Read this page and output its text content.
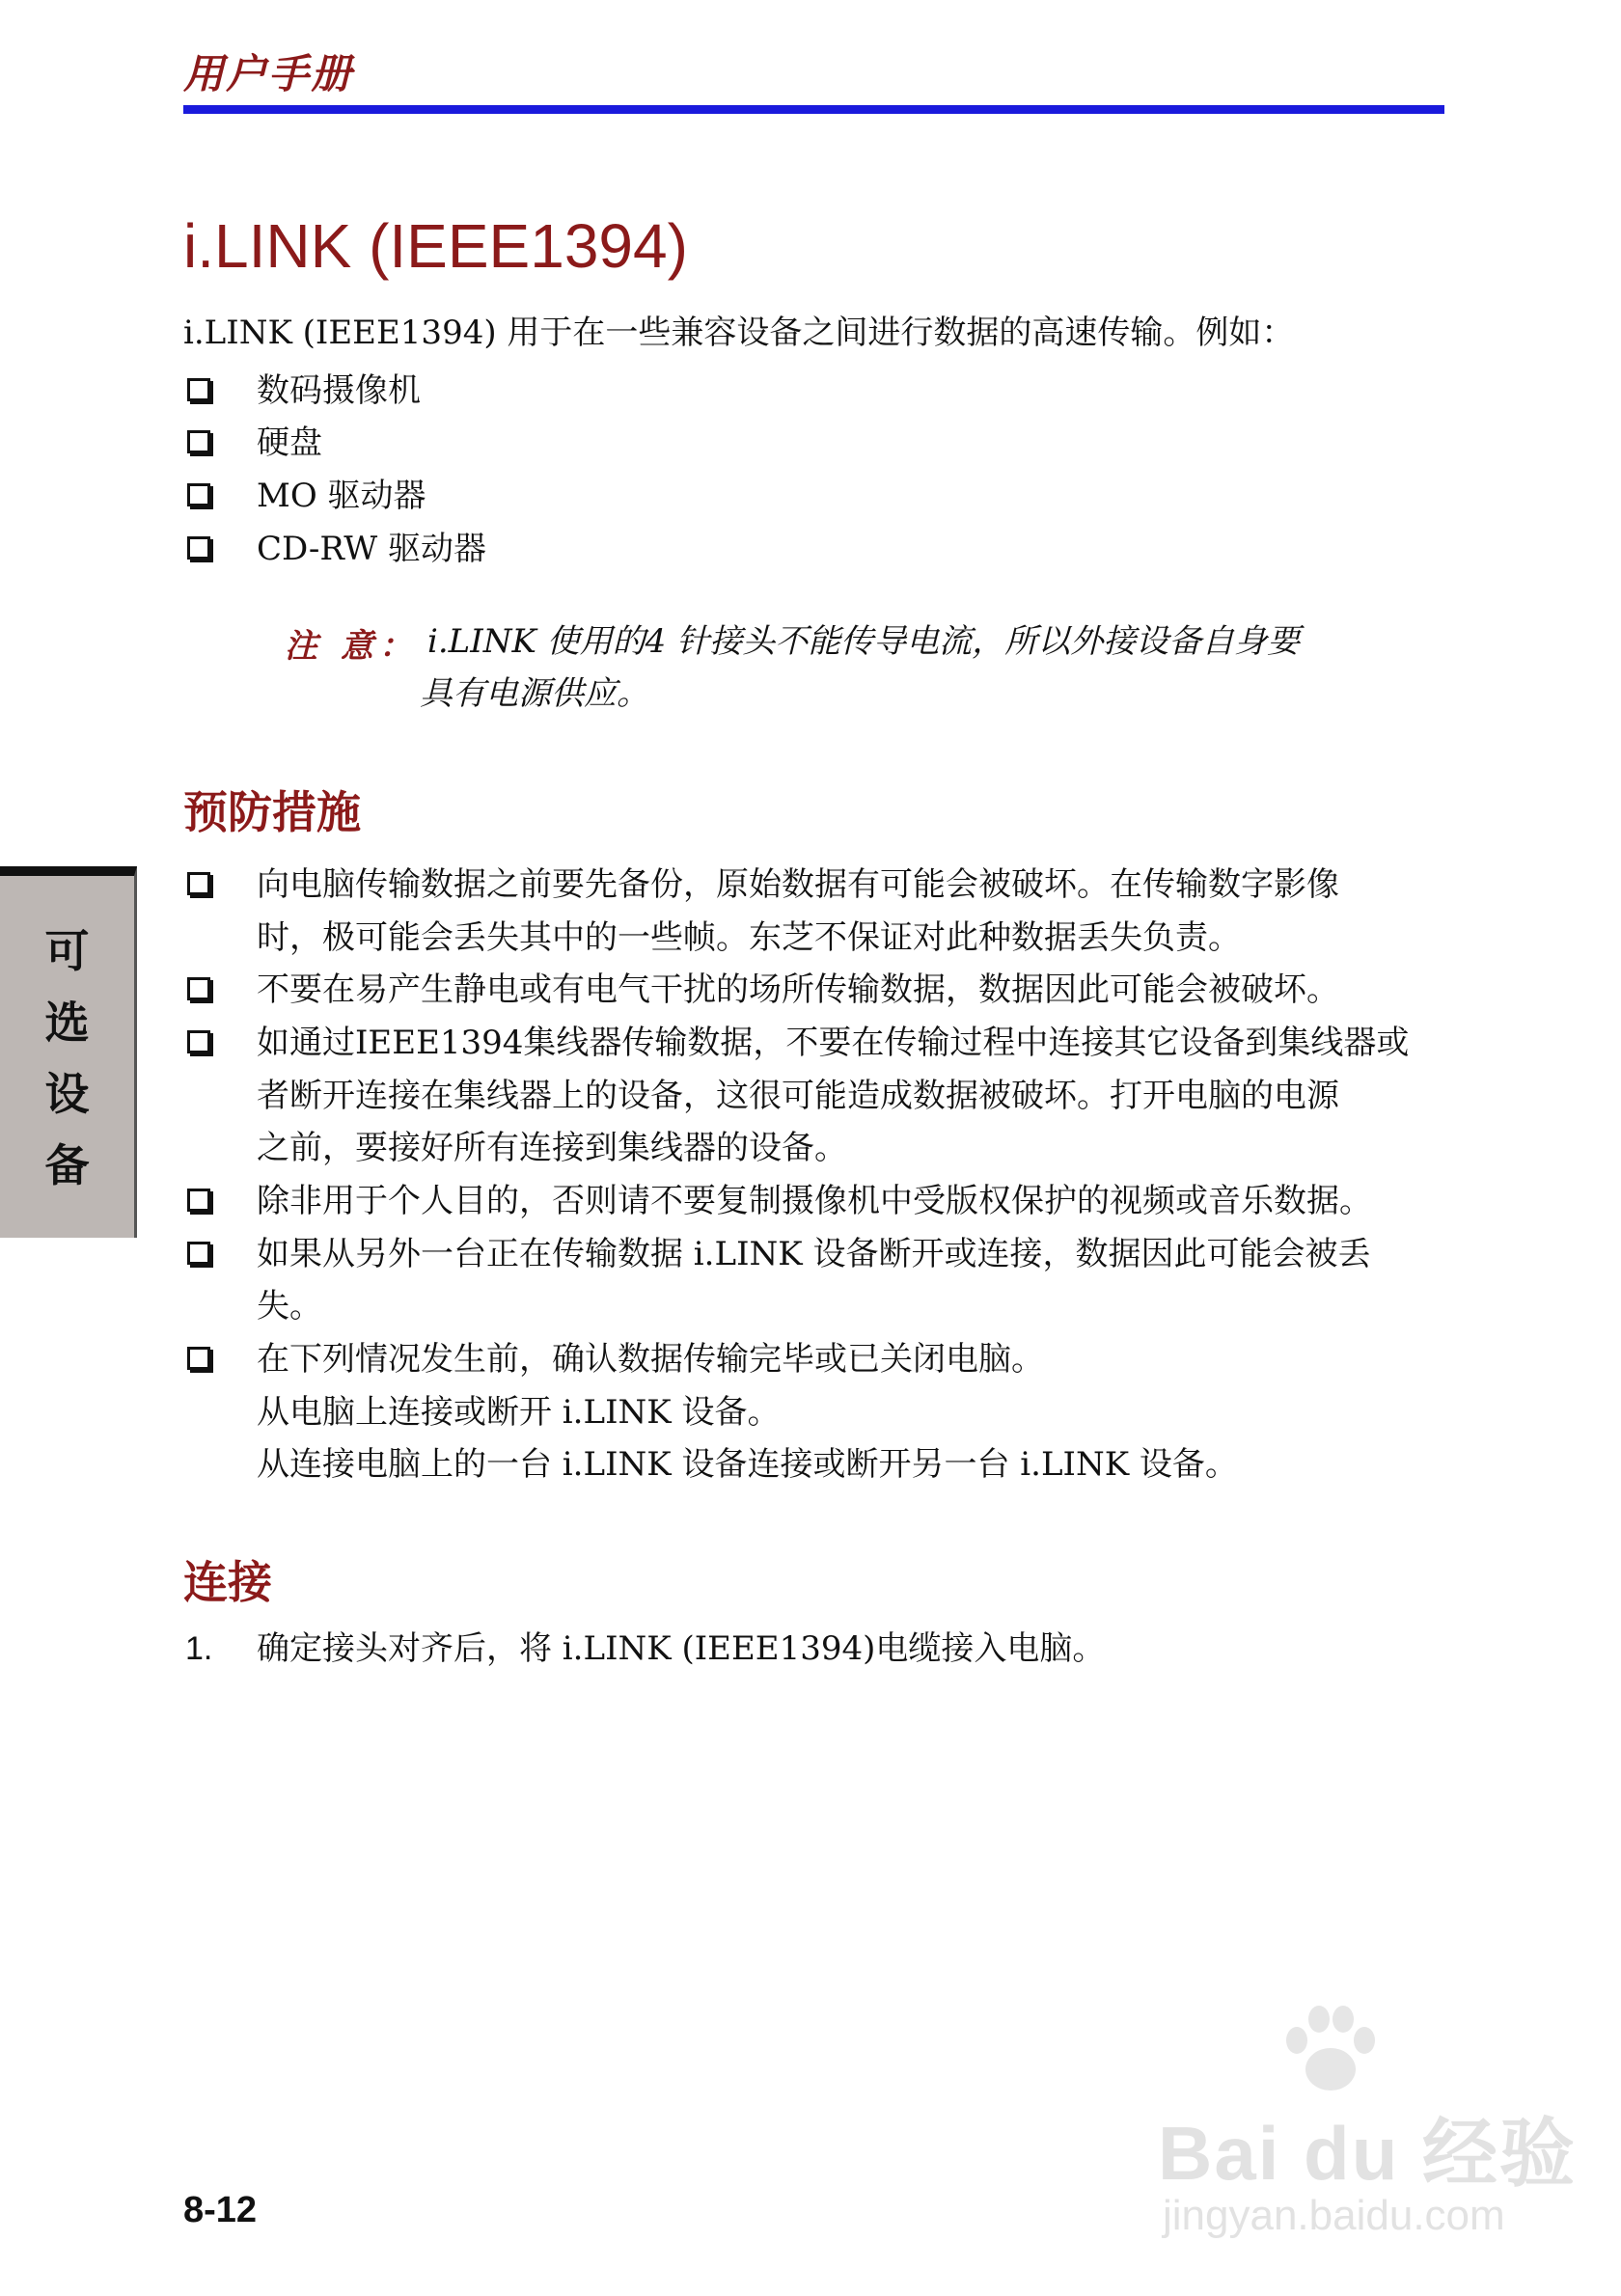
用户手册
i.LINK (IEEE1394)
i.LINK (IEEE1394) 用于在一些兼容设备之间进行数据的高速传输。例如：
数码摄像机
硬盘
MO 驱动器
CD-RW 驱动器
注 意： i.LINK 使用的4 针接头不能传导电流，所以外接设备自身要
具有电源供应。
预防措施
向电脑传输数据之前要先备份，原始数据有可能会被破坏。在传输数字影像
时，极可能会丢失其中的一些帧。东芝不保证对此种数据丢失负责。
不要在易产生静电或有电气干扰的场所传输数据，数据因此可能会被破坏。
如通过IEEE1394集线器传输数据，不要在传输过程中连接其它设备到集线器或
者断开连接在集线器上的设备，这很可能造成数据被破坏。打开电脑的电源
之前，要接好所有连接到集线器的设备。
除非用于个人目的，否则请不要复制摄像机中受版权保护的视频或音乐数据。
如果从另外一台正在传输数据 i.LINK 设备断开或连接，数据因此可能会被丢
失。
在下列情况发生前，确认数据传输完毕或已关闭电脑。
从电脑上连接或断开 i.LINK 设备。
从连接电脑上的一台 i.LINK 设备连接或断开另一台 i.LINK 设备。
连接
1. 确定接头对齐后，将 i.LINK (IEEE1394)电缆接入电脑。
可
选
设
备
8-12
Bai du 经验
jingyan.baidu.com
